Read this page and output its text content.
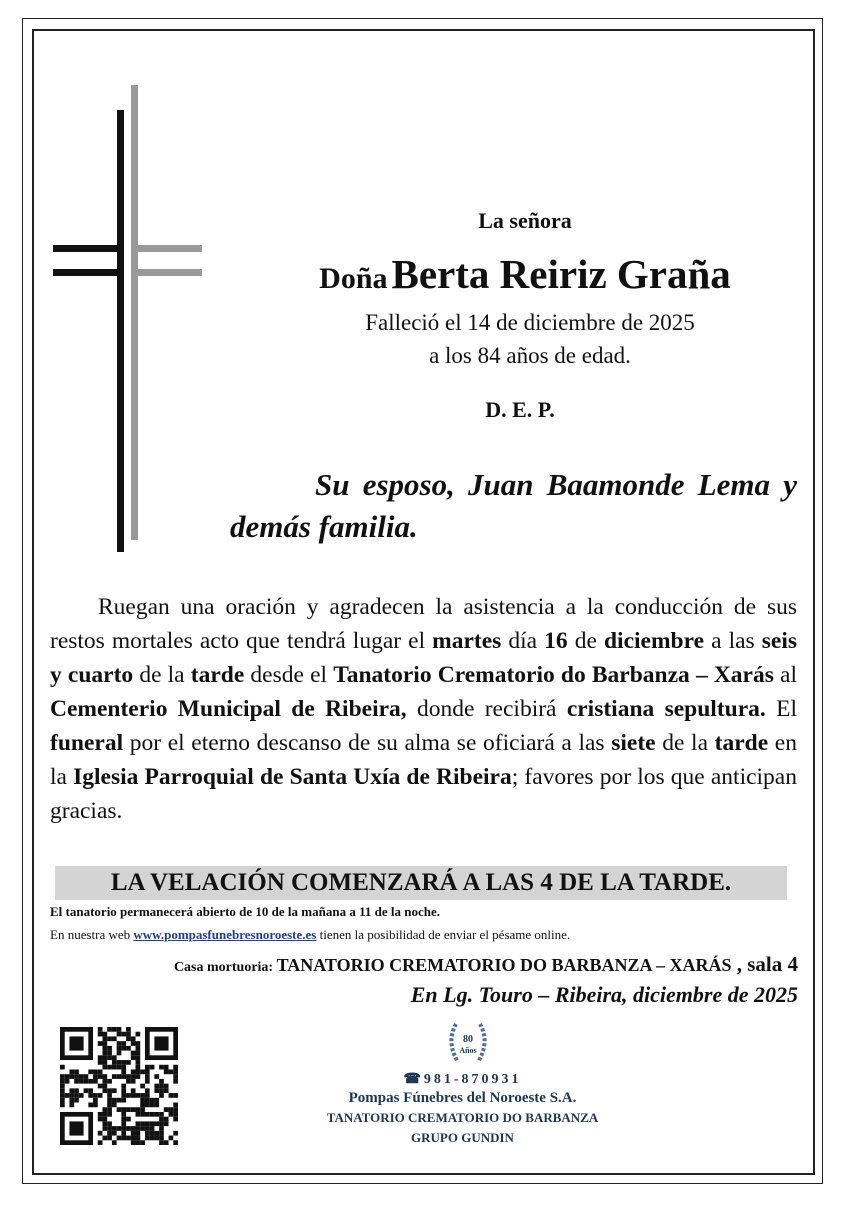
La señora
Doña Berta Reiriz Graña
Falleció el 14 de diciembre de 2025
a los 84 años de edad.
D. E. P.
Su esposo, Juan Baamonde Lema y demás familia.
Ruegan una oración y agradecen la asistencia a la conducción de sus restos mortales acto que tendrá lugar el martes día 16 de diciembre a las seis y cuarto de la tarde desde el Tanatorio Crematorio do Barbanza – Xarás al Cementerio Municipal de Ribeira, donde recibirá cristiana sepultura. El funeral por el eterno descanso de su alma se oficiará a las siete de la tarde en la Iglesia Parroquial de Santa Uxía de Ribeira; favores por los que anticipan gracias.
LA VELACIÓN COMENZARÁ A LAS 4 DE LA TARDE.
El tanatorio permanecerá abierto de 10 de la mañana a 11 de la noche.
En nuestra web www.pompasfunebresnoroeste.es tienen la posibilidad de enviar el pésame online.
Casa mortuoria: TANATORIO CREMATORIO DO BARBANZA – XARÁS , sala 4
En Lg. Touro – Ribeira, diciembre de 2025
80
Años
☎981-870931
Pompas Fúnebres del Noroeste S.A.
TANATORIO CREMATORIO DO BARBANZA
GRUPO GUNDIN
